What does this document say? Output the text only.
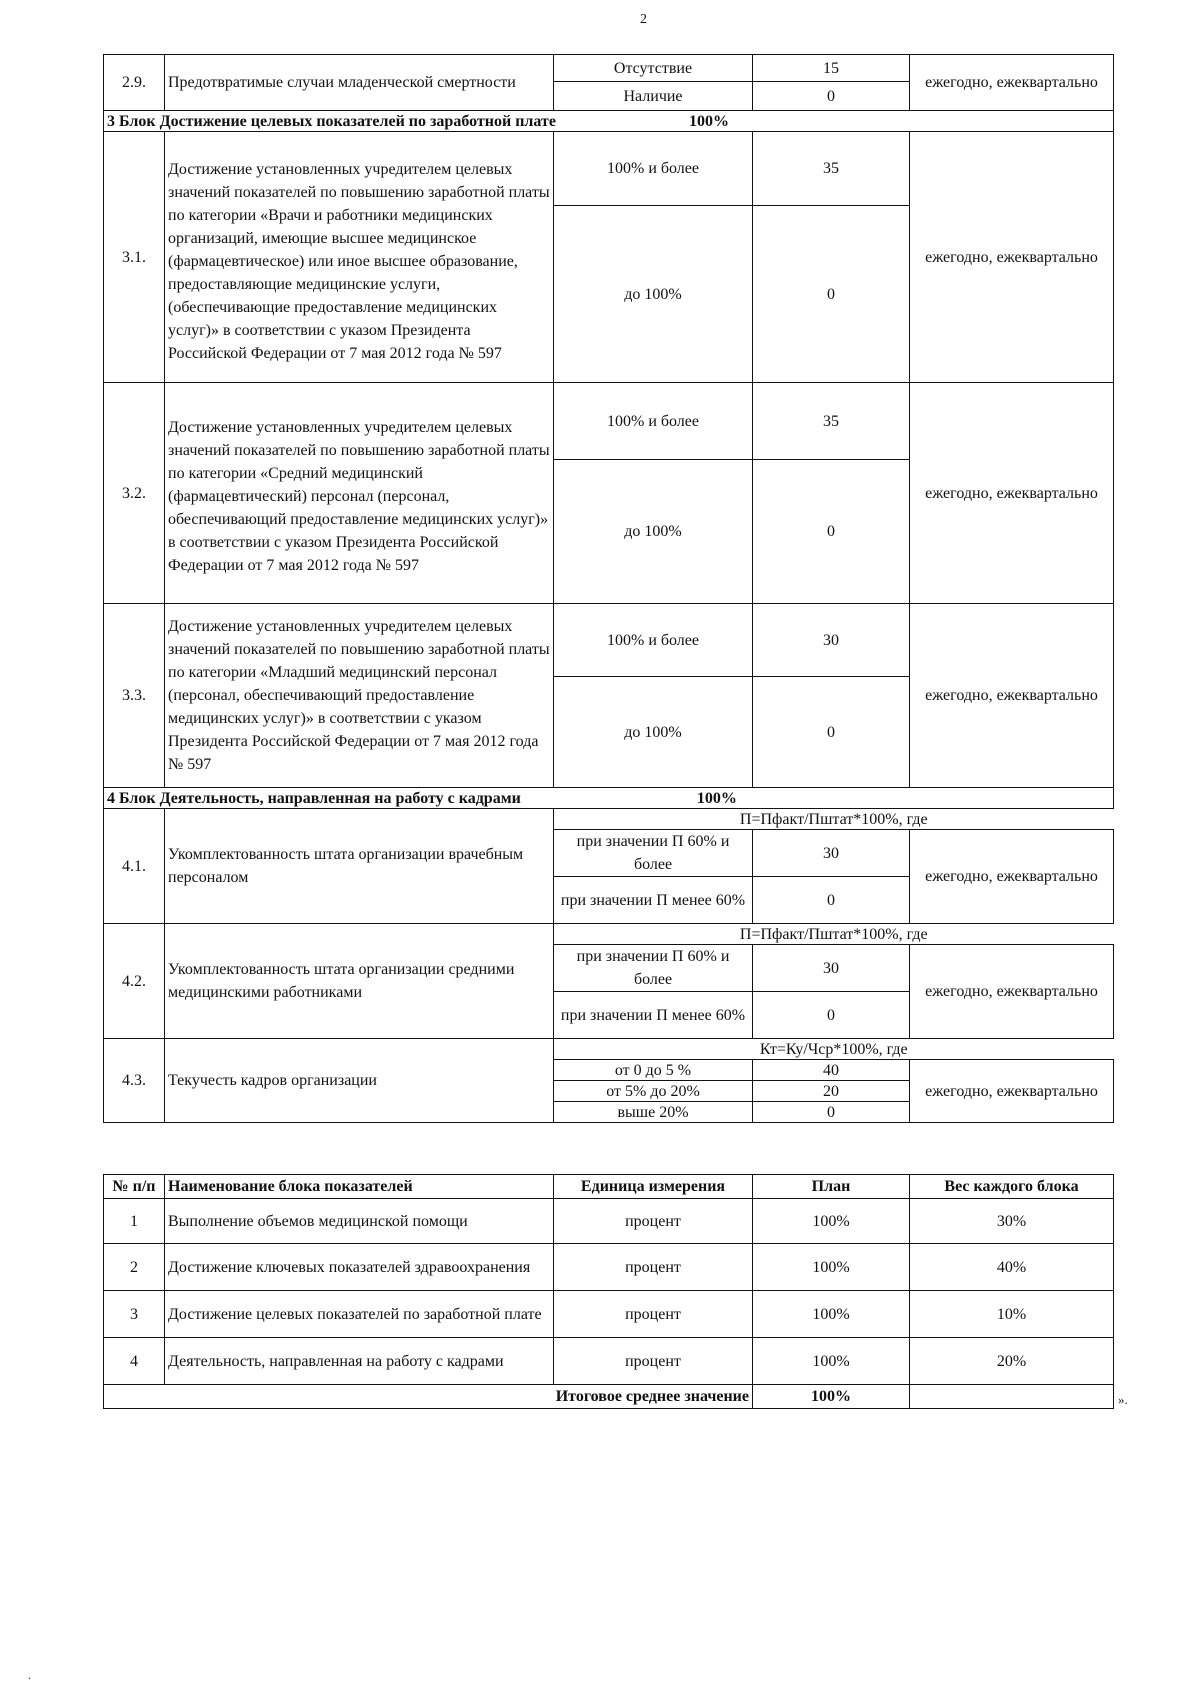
2
2.9.	Предотвратимые случаи младенческой смертности	Отсутствие	15	ежегодно, ежеквартально
		Наличие	0	
3 Блок Достижение целевых показателей по заработной плате 100%				
3.1.	Достижение установленных учредителем целевых значений показателей по повышению заработной платы по категории «Врачи и работники медицинских организаций, имеющие высшее медицинское (фармацевтическое) или иное высшее образование, предоставляющие медицинские услуги, (обеспечивающие предоставление медицинских услуг)» в соответствии с указом Президента Российской Федерации от 7 мая 2012 года № 597	100% и более	35	ежегодно, ежеквартально
		до 100%	0	
3.2.	Достижение установленных учредителем целевых значений показателей по повышению заработной платы по категории «Средний медицинский (фармацевтический) персонал (персонал, обеспечивающий предоставление медицинских услуг)» в соответствии с указом Президента Российской Федерации от 7 мая 2012 года № 597	100% и более	35	ежегодно, ежеквартально
		до 100%	0	
3.3.	Достижение установленных учредителем целевых значений показателей по повышению заработной платы по категории «Младший медицинский персонал (персонал, обеспечивающий предоставление медицинских услуг)» в соответствии с указом Президента Российской Федерации от 7 мая 2012 года № 597	100% и более	30	ежегодно, ежеквартально
		до 100%	0	
4 Блок Деятельность, направленная на работу с кадрами 100%				
4.1.	Укомплектованность штата организации врачебным персоналом	П=Пфакт/Пштат*100%, где		
		при значении П 60% и более	30	ежегодно, ежеквартально
		при значении П менее 60%	0	
4.2.	Укомплектованность штата организации средними медицинскими работниками	П=Пфакт/Пштат*100%, где		
		при значении П 60% и более	30	ежегодно, ежеквартально
		при значении П менее 60%	0	
4.3.	Текучесть кадров организации	Кт=Ку/Чср*100%, где		
		от 0 до 5 %	40	ежегодно, ежеквартально
		от 5% до 20%	20	
		выше 20%	0	
№ п/п	Наименование блока показателей	Единица измерения	План	Вес каждого блока
1	Выполнение объемов медицинской помощи	процент	100%	30%
2	Достижение ключевых показателей здравоохранения	процент	100%	40%
3	Достижение целевых показателей по заработной плате	процент	100%	10%
4	Деятельность, направленная на работу с кадрами	процент	100%	20%
Итоговое среднее значение			100%		».
.
